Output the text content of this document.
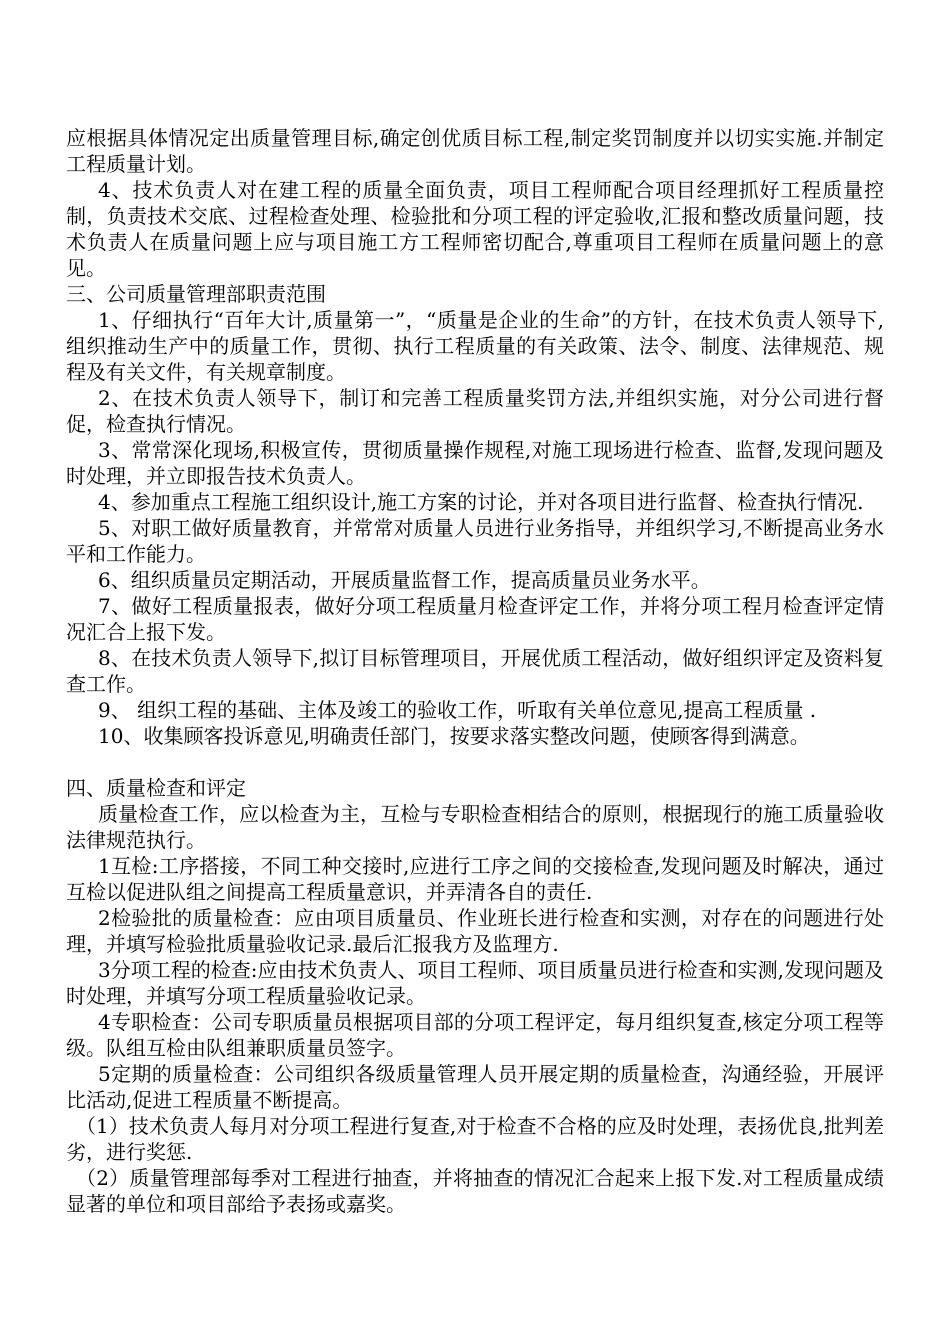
应根据具体情况定出质量管理目标,确定创优质目标工程,制定奖罚制度并以切实实施.并制定工程质量计划。

4、技术负责人对在建工程的质量全面负责，项目工程师配合项目经理抓好工程质量控制，负责技术交底、过程检查处理、检验批和分项工程的评定验收,汇报和整改质量问题，技术负责人在质量问题上应与项目施工方工程师密切配合,尊重项目工程师在质量问题上的意见。

三、公司质量管理部职责范围

1、仔细执行“百年大计,质量第一”，“质量是企业的生命”的方针，在技术负责人领导下,组织推动生产中的质量工作，贯彻、执行工程质量的有关政策、法令、制度、法律规范、规程及有关文件，有关规章制度。

2、在技术负责人领导下，制订和完善工程质量奖罚方法,并组织实施，对分公司进行督促，检查执行情况。

3、常常深化现场,积极宣传，贯彻质量操作规程,对施工现场进行检查、监督,发现问题及时处理，并立即报告技术负责人。

4、参加重点工程施工组织设计,施工方案的讨论，并对各项目进行监督、检查执行情况.

5、对职工做好质量教育，并常常对质量人员进行业务指导，并组织学习,不断提高业务水平和工作能力。

6、组织质量员定期活动，开展质量监督工作，提高质量员业务水平。

7、做好工程质量报表，做好分项工程质量月检查评定工作，并将分项工程月检查评定情况汇合上报下发。

8、在技术负责人领导下,拟订目标管理项目，开展优质工程活动，做好组织评定及资料复查工作。

9、 组织工程的基础、主体及竣工的验收工作，听取有关单位意见,提高工程质量 .

10、收集顾客投诉意见,明确责任部门，按要求落实整改问题，使顾客得到满意。

四、质量检查和评定

质量检查工作，应以检查为主，互检与专职检查相结合的原则，根据现行的施工质量验收法律规范执行。

1互检:工序搭接，不同工种交接时,应进行工序之间的交接检查,发现问题及时解决，通过互检以促进队组之间提高工程质量意识，并弄清各自的责任.

2检验批的质量检查：应由项目质量员、作业班长进行检查和实测，对存在的问题进行处理，并填写检验批质量验收记录.最后汇报我方及监理方.

3分项工程的检查:应由技术负责人、项目工程师、项目质量员进行检查和实测,发现问题及时处理，并填写分项工程质量验收记录。

4专职检查：公司专职质量员根据项目部的分项工程评定，每月组织复查,核定分项工程等级。队组互检由队组兼职质量员签字。

5定期的质量检查：公司组织各级质量管理人员开展定期的质量检查，沟通经验，开展评比活动,促进工程质量不断提高。

（1）技术负责人每月对分项工程进行复查,对于检查不合格的应及时处理，表扬优良,批判差劣，进行奖惩.

（2）质量管理部每季对工程进行抽查，并将抽查的情况汇合起来上报下发.对工程质量成绩显著的单位和项目部给予表扬或嘉奖。
